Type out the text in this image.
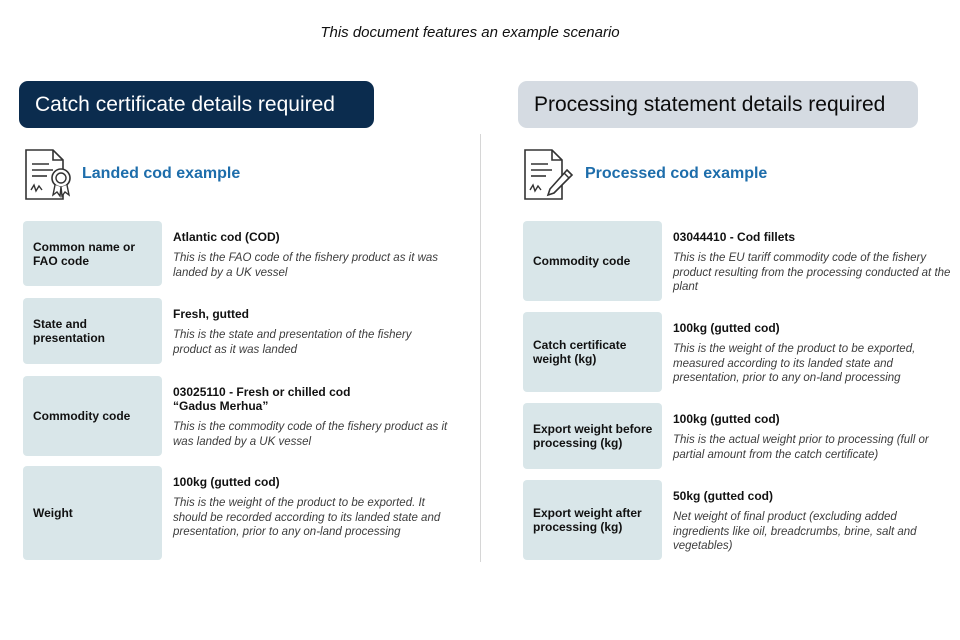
This document features an example scenario
Catch certificate details required	Processing statement details required
Landed cod example
Common name or FAO code
Atlantic cod (COD)
This is the FAO code of the fishery product as it was landed by a UK vessel
State and presentation
Fresh, gutted
This is the state and presentation of the fishery product as it was landed
Commodity code
03025110 - Fresh or chilled cod
“Gadus Merhua”
This is the commodity code of the fishery product as it was landed by a UK vessel
Weight
100kg (gutted cod)
This is the weight of the product to be exported. It should be recorded according to its landed state and presentation, prior to any on-land processing
Processed cod example
Commodity code
03044410 - Cod fillets
This is the EU tariff commodity code of the fishery product resulting from the processing conducted at the plant
Catch certificate weight (kg)
100kg (gutted cod)
This is the weight of the product to be exported, measured according to its landed state and presentation, prior to any on-land processing
Export weight before processing (kg)
100kg (gutted cod)
This is the actual weight prior to processing (full or partial amount from the catch certificate)
Export weight after processing (kg)
50kg (gutted cod)
Net weight of final product (excluding added ingredients like oil, breadcrumbs, brine, salt and vegetables)
